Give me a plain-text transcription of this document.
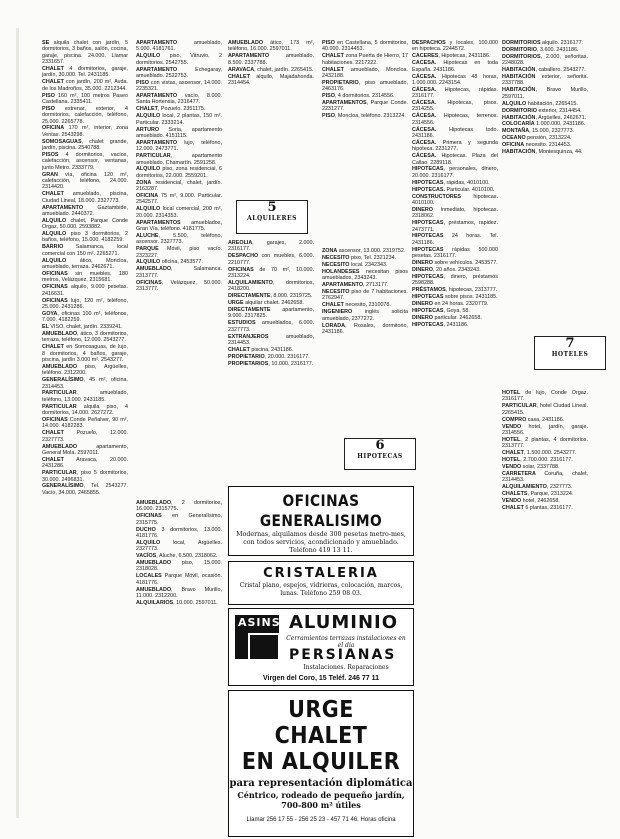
SE alquila chalet con jardín, 5 dormitorios, 3 baños, salón, cocina, garaje, piscina. 24.000. Llamar 2331657.

CHALET 4 dormitorios, garaje, jardín, 30.000. Tel. 2431185.

CHALET con jardín, 200 m², Avda. de los Madroños, 35.000. 2212344.

PISO 160 m², 100 metros Paseo Castellana. 2335411.

PISO estrenar, exterior, 4 dormitorios, calefacción, teléfono, 25.000. 2265778.

OFICINA 170 m², interior, zona Ventas. 2543298.

SOMOSAGUAS, chalet grande, jardín, piscina. 2540788.

PISOS 4 dormitorios, vacíos, calefacción, ascensor, ventanas, junto Metro. 2333779.

GRAN vía, oficina 120 m², calefacción, teléfono, 24.000. 2314420.

CHALET amueblado, piscina, Ciudad Lineal, 18.000. 2327773.

APARTAMENTO Gaztambide, amueblado. 2440372.

ALQUILO chalet, Parque Conde Orgaz, 50.000. 2593882.

ALQUILO piso 3 dormitorios, 2 baños, teléfono, 15.000. 4182259.

BARRIO Salamanca, local comercial con 150 m². 2265271.

ALQUILO ático, Moncloa, amueblado, terraza. 2462671.

OFICINAS sin muebles, 180 metros, Velázquez. 2315681.

OFICINAS alquilo, 9.000 pesetas. 2416631.

OFICINAS lujo, 120 m², teléfono, 25.000. 2431286.

GOYA, oficinas 100 m², teléfonos, 7.000. 4182259.

EL VISO, chalet, jardín. 2339241.

AMUEBLADO, ático, 3 dormitorios, terraza, teléfono, 12.000. 2543277.

CHALET en Somosaguas, de lujo, 8 dormitorios, 4 baños, garaje, piscina, jardín 3.000 m². 2543277.

AMUEBLADO piso, Argüelles, teléfono. 2312200.

GENERALÍSIMO, 45 m², oficina. 2314453.

PARTICULAR amueblado, teléfono, 13.000. 2431185.

PARTICULAR alquila piso, 4 dormitorios, 14.000. 2627272.

OFICINAS Conde Peñalver, 90 m², 14.000. 4182283.

CHALET Pozuelo, 12.000. 2327773.

AMUEBLADO apartamento, General Mola. 2597011.

CHALET Aravaca, 20.000. 2431286.

PARTICULAR, piso 5 dormitorios, 30.000. 2496831.

GENERALÍSIMO, Tel. 2543277. Vacío, 34.000, 2465855.

APARTAMENTO amueblado, 5.000. 4181761.

ALQUILO piso, Vitruvio, 2 dormitorios. 2542755.

APARTAMENTO Echegaray, amueblado. 2522753.

PISO con vistas, ascensor, 14.000. 2235321.

APARTAMENTO vacío, 8.000. Santa Hortensia, 2316477.

CHALET, Pozuelo. 2351175.

ALQUILO local, 2 plantas, 150 m². Particular. 2333214.

ARTURO Soria, apartamento amueblado. 4151115.

APARTAMENTO lujo, teléfono, 12.000. 2473771.

PARTICULAR, apartamento amueblado, Chamartín. 2591258.

ALQUILO piso, zona residencial, 6 dormitorios, 22.000. 2559201.

ZONA residencial, chalet, jardín. 2163287.

OFICINA 75 m², 9.000. Particular. 2542577.

ALQUILO local comercial, 200 m², 20.000. 2314353.

APARTAMENTOS amueblados, Gran Vía, teléfono. 4181775.

ALUCHE, 5.500, teléfono, ascensor. 2327773.

PARQUE Móvil, piso vacío. 2323227.

ALQUILO oficina, 2453577.

AMUEBLADO, Salamanca. 2313777.

OFICINAS, Velázquez, 50.000. 2313777.

AMUEBLADO ático, 173 m², teléfono, 16.000. 2597011.

APARTAMENTO amueblado, 8.500. 2337788.

ARAVACA, chalet, jardín. 2265415.

CHALET alquilo, Majadahonda. 2314454.

PISO en Castellana, 5 dormitorios, 40.000. 2314453.

CHALET zona Puerta de Hierro, 17 habitaciones. 2217222.

CHALET amueblado, Moncloa. 2432188.

PROPIETARIO, piso amueblado, 2463176.

PISO, 4 dormitorios. 2314556.

APARTAMENTOS, Parque Conde. 2231277.

PISO, Moncloa, teléfono. 2313224.

DESPACHOS y locales, 100.000 en hipoteca. 2244572.

CACERES, Hipotecas, 2431186.

CACESA. Hipotecas en toda España. 2431186.

CÁCESA. Hipotecas 48 horas, 1.000.000. 2243154.

CÁCESA. Hipotecas, rápidas. 2316177.

CÁCESA. Hipotecas, pisos. 2314255.

CÁCESA. Hipotecas, terrenos. 2314556.

CÁCESA. Hipotecas todo. 2431186.

CÁCESA. Primera y segunda hipoteca. 2231277.

CÁCESA. Hipotecas. Plaza del Callao. 2289118.

HIPOTECAS, personales, dinero, 20.000. 2316177.

HIPOTECAS, rápidas, 4010100.

HIPOTECAS. Particular. 4010100.

CONSTRUCTORES hipotecas. 4010100.

DINERO inmediato, hipotecas. 2318062.

HIPOTECAS, préstamos, rapidez. 2473771.

HIPOTECAS 24 horas. Tel. 2431186.

HIPOTECAS rápidas 500.000 pesetas. 2316177.

DINERO sobre vehículos. 2453577.

DINERO, 20 años. 2343243.

HIPOTECAS, dinero, préstamos 2598288.

PRÉSTAMOS, hipotecas, 2313777.

HIPOTECAS sobre pisos. 2431185.

DINERO en 24 horas. 2320779.

HIPOTECAS, Goya, 58.

DINERO particular. 2462658.

HIPOTECAS, 2431186.

DORMITORIOS alquilo. 2316177.

DORMITORIO, 3.600. 2431186.

DORMITORIOS, 2.000, señoritas. 2248028.

HABITACIÓN, caballero. 2543277.

HABITACIÓN exterior, señorita. 2337788.

HABITACIÓN, Bravo Murillo, 2597011.

ALQUILO habitación, 2265415.

DORMITORIO exterior, 2314454.

HABITACIÓN, Argüelles, 2462671.

COLOCARÍA 1.000.000, 2431186.

MONTAÑA, 15.000, 2327773.

OCEANO pensión, 2313224.

OFICINA necesito. 2314453.

HABITACIÓN, Montesquinza, 44.

AMUEBLADO, 2 dormitorios, 16.000. 2315775.

OFICINAS en Generalísimo, 2315775.

DUCHO 3 dormitorios, 13.000. 4181776.

ALQUILO local, Argüelles. 2327773.

VACÍOS, Aluche, 6.500. 2318062.

AMUEBLADO piso, 15.000. 2318028.

LOCALES Parque Móvil, ocasión. 4181776.

AMUEBLADO, Bravo Murillo, 11.000. 2312200.

ALQUILARIOS, 10.000. 2597011.

AREOLIA, garajes, 2.000. 2316177.

DESPACHO con muebles, 6.000. 2210777.

OFICINAS de 70 m², 10.000. 2313224.

ALQUILAMIENTO, dormitorios, 2418200.

DIRECTAMENTE, 8.000. 2319725.

URGE alquilar chalet. 2462658.

DIRECTAMENTE apartamento, 9.000. 2317825.

ESTUDIOS amueblados, 6.000. 2327773.

EXTRANJEROS amueblado, 2314453.

CHALET piscina, 2431186.

PROPIETARIO, 20.000. 2316177.

PROPIETARIOS, 10.000. 2316177.

ZONA ascensor, 13.000. 2319752.

NECESITO piso, Tel. 2321234.

NECESITO local. 2342343.

HOLANDESES necesitan pisos amueblados, 2343243.

APARTAMENTO, 2713177.

NECESITO piso de 7 habitaciones. 2762947.

CHALET necesito, 2310078.

INGENIERO inglés solicita amueblado, 2377272.

LORADA, Rosales, dormitorio, 2431186.

HOTEL de lujo, Conde Orgaz. 2316177.

PARTICULAR, hotel Ciudad Lineal. 2265415.

COMPRO casa, 2431186.

VENDO hotel, jardín, garaje. 2314556.

HOTEL, 2 plantas, 4 dormitorios. 2313777.

CHALET, 1.500.000. 2543277.

HOTEL, 2.700.000. 2316177.

VENDO solar, 2337788.

CARRETERA Coruña, chalet, 2314453.

ALQUILAMIENTO, 2327773.

CHALETS, Parque, 2313224.

VENDO hotel, 2462658.

CHALET 6 plantas, 2316177.

5
ALQUILERES
6
HIPOTECAS
7
HOTELES
OFICINAS GENERALISIMO
Modernas, alquilamos desde 300 pesetas metro-mes, con todos servicios, acondicionado y amueblado. Teléfono 419 13 11.
CRISTALERIA
Cristal plano, espejos, vidrieras, colocación, marcos, lunas. Teléfono 259 08 03.
ASINS ALUMINIO
Cerramientos terrazas instalaciones en el día
PERSIANAS
Instalaciones. Reparaciones
Virgen del Coro, 15 Teléf. 246 77 11
URGE CHALET
EN ALQUILER
para representación diplomática
Céntrico, rodeado de pequeño jardín, 700-800 m² útiles
Llamar 256 17 55 - 256 25 23 - 457 71 46. Horas oficina
